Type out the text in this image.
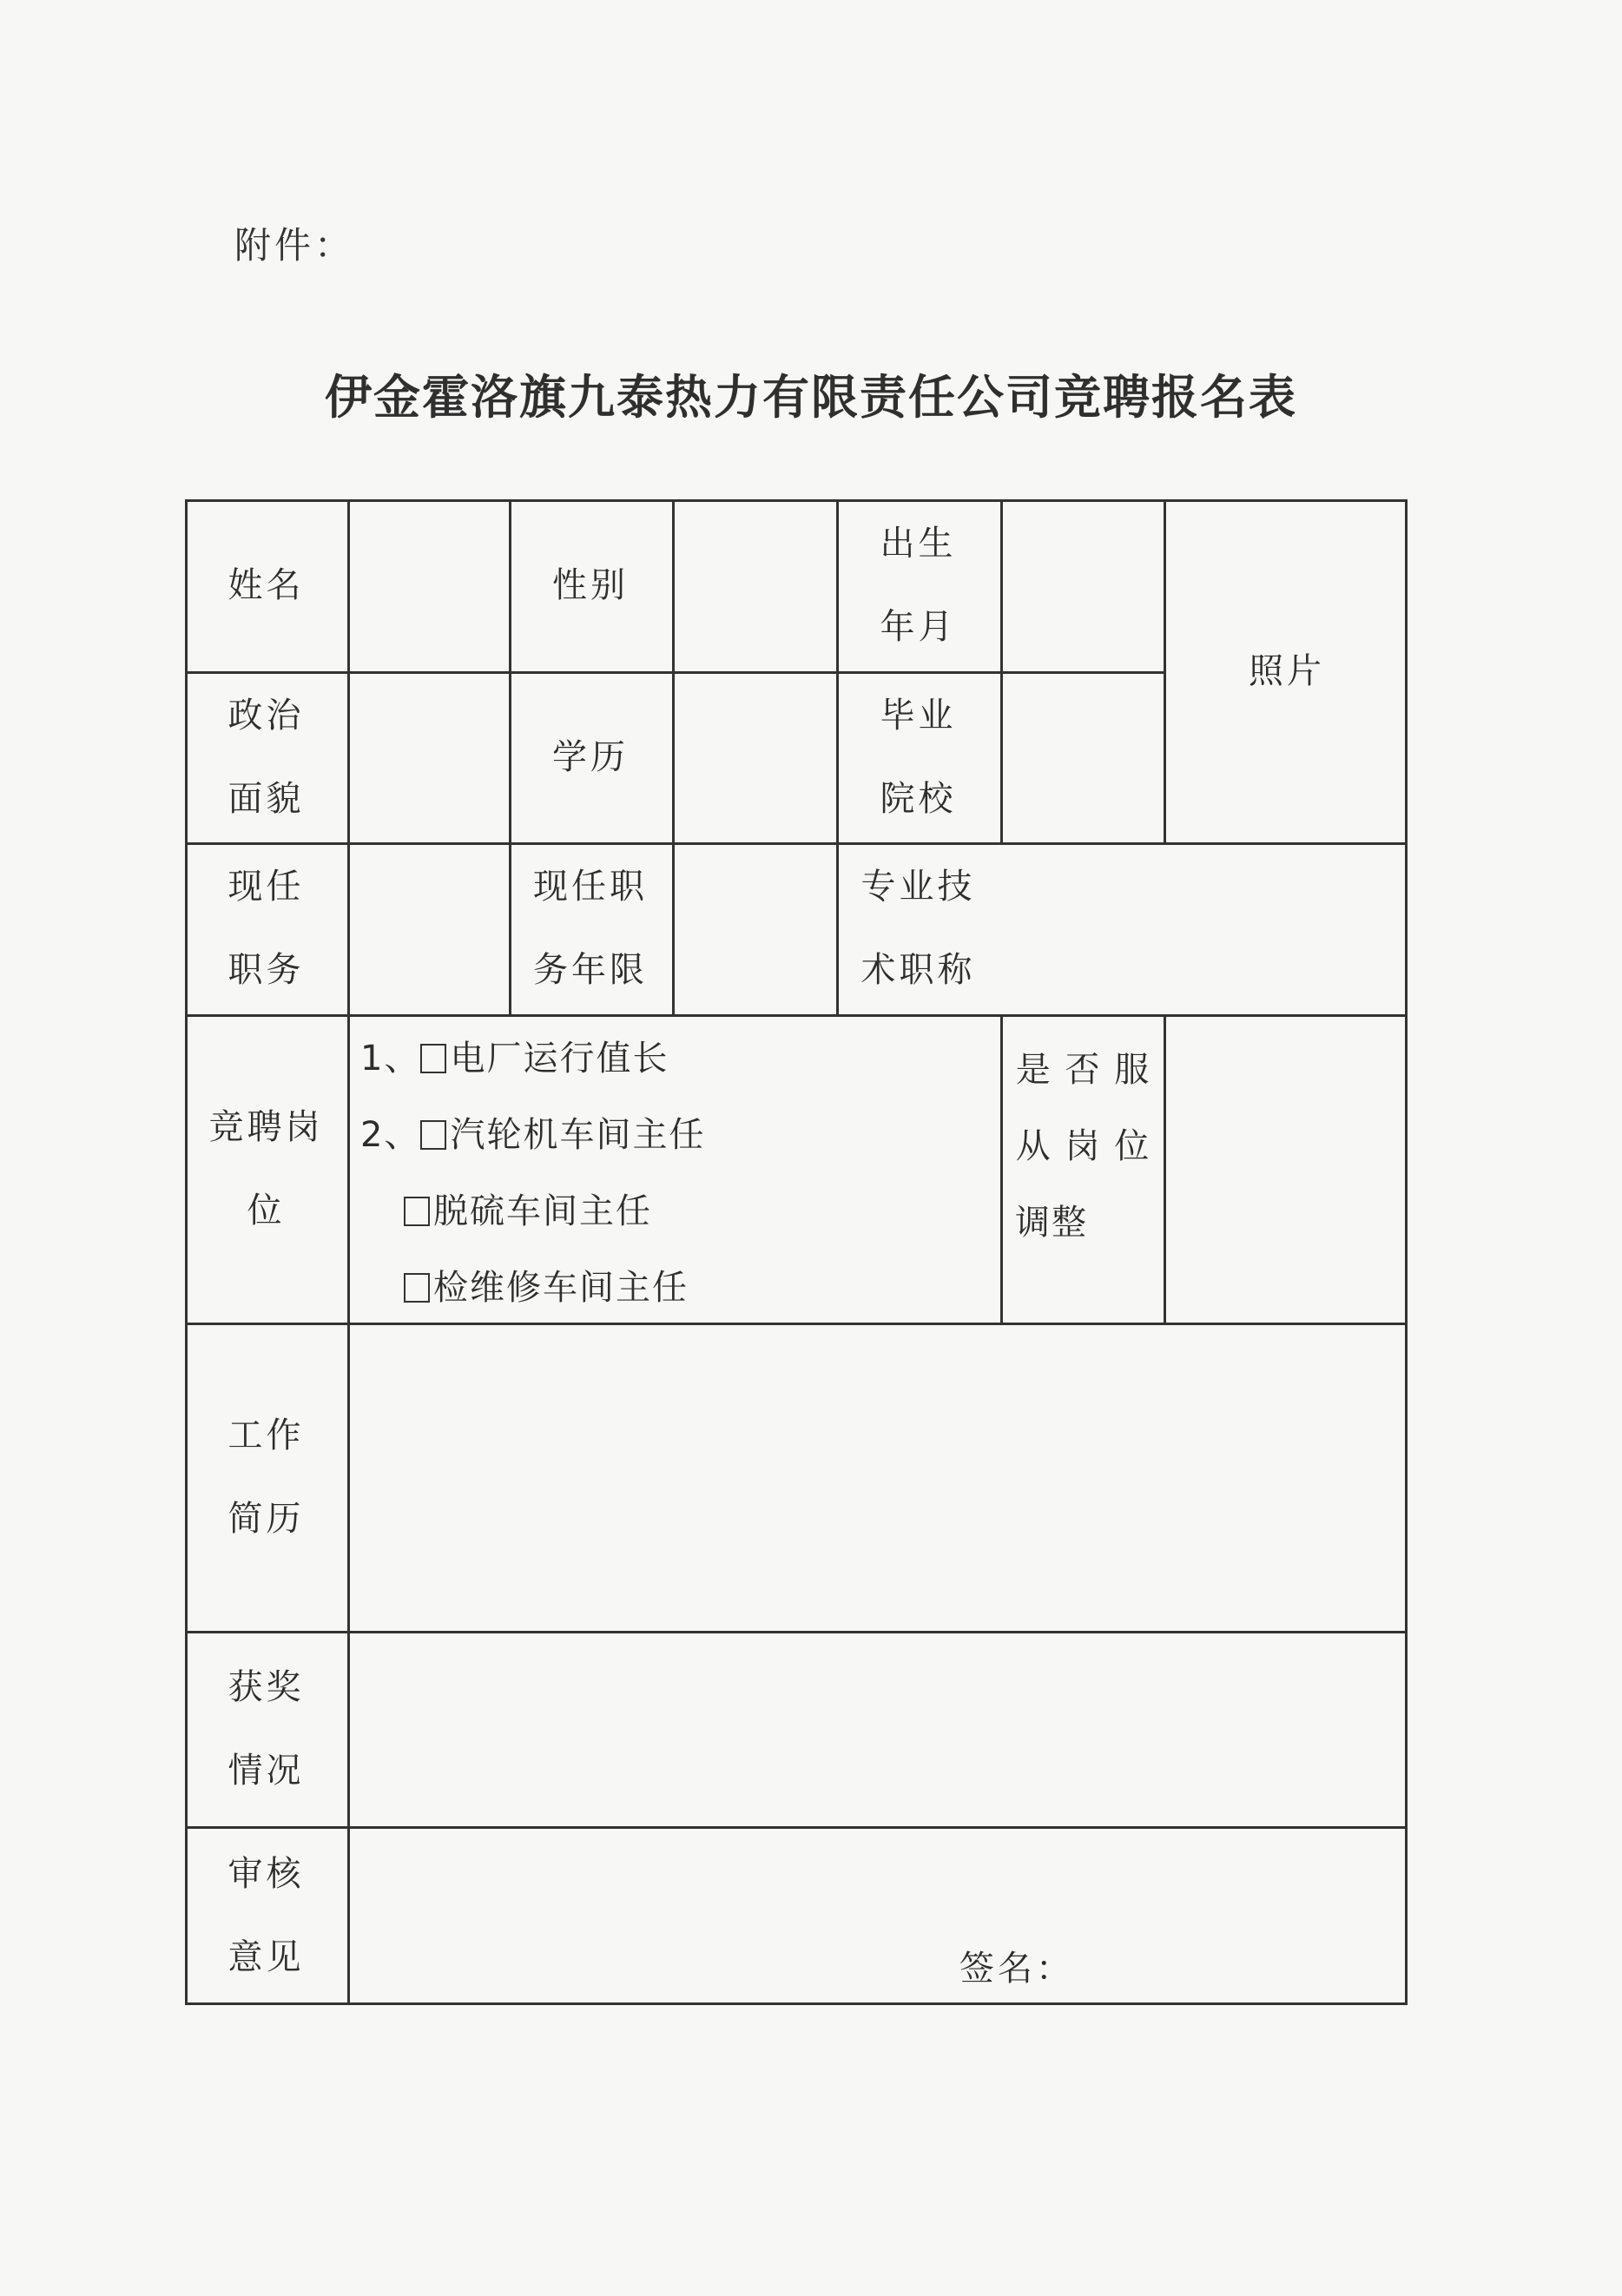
附件：
伊金霍洛旗九泰热力有限责任公司竞聘报名表
姓名	性别
出生
年月
照片
政治
面貌
学历
毕业
院校
现任
职务
现任职
务年限
专业技
术职称
竞聘岗
位
1、 电厂运行值长
2、 汽轮机车间主任
脱硫车间主任
检维修车间主任
是 否 服
从 岗 位
调整
工作
简历
获奖
情况
审核
意见	签名：
